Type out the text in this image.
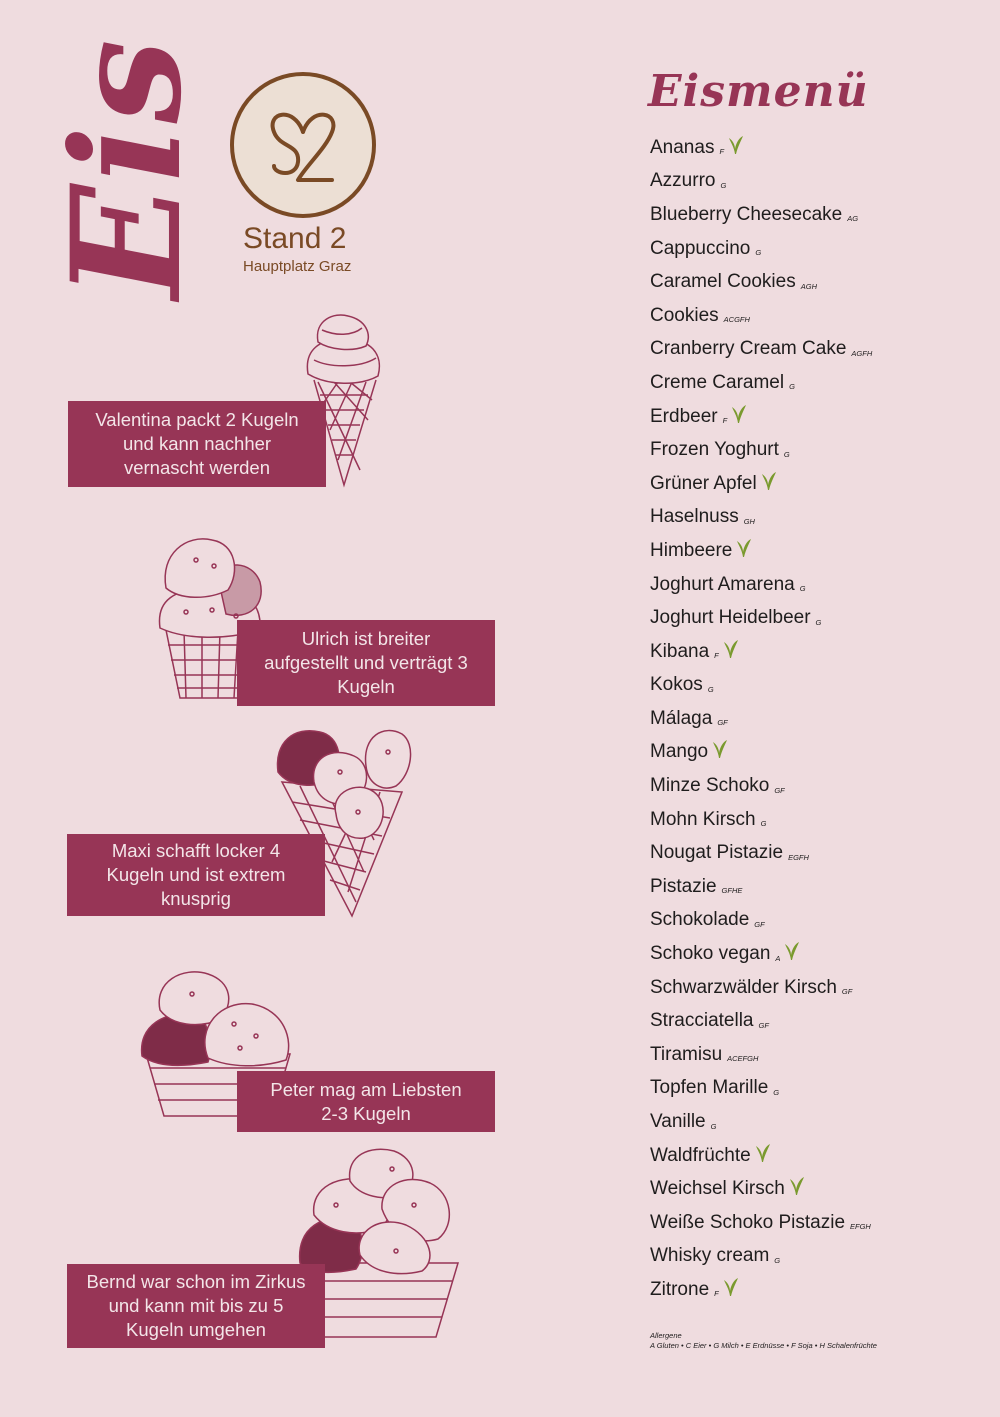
Eis Stand 2
Hauptplatz Graz
Valentina packt 2 Kugeln
und kann nachher
vernascht werden
Ulrich ist breiter
aufgestellt und verträgt 3
Kugeln
Maxi schafft locker 4
Kugeln und ist extrem
knusprig
Peter mag am Liebsten
2-3 Kugeln
Bernd war schon im Zirkus
und kann mit bis zu 5
Kugeln umgehen
Eismenü
Ananas F
Azzurro G
Blueberry Cheesecake AG
Cappuccino G
Caramel Cookies AGH
Cookies ACGFH
Cranberry Cream Cake AGFH
Creme Caramel G
Erdbeer F
Frozen Yoghurt G
Grüner Apfel
Haselnuss GH
Himbeere
Joghurt Amarena G
Joghurt Heidelbeer G
Kibana F
Kokos G
Málaga GF
Mango
Minze Schoko GF
Mohn Kirsch G
Nougat Pistazie EGFH
Pistazie GFHE
Schokolade GF
Schoko vegan A
Schwarzwälder Kirsch GF
Stracciatella GF
Tiramisu ACEFGH
Topfen Marille G
Vanille G
Waldfrüchte
Weichsel Kirsch
Weiße Schoko Pistazie EFGH
Whisky cream G
Zitrone F
Allergene
A Gluten • C Eier • G Milch • E Erdnüsse • F Soja • H Schalenfrüchte
